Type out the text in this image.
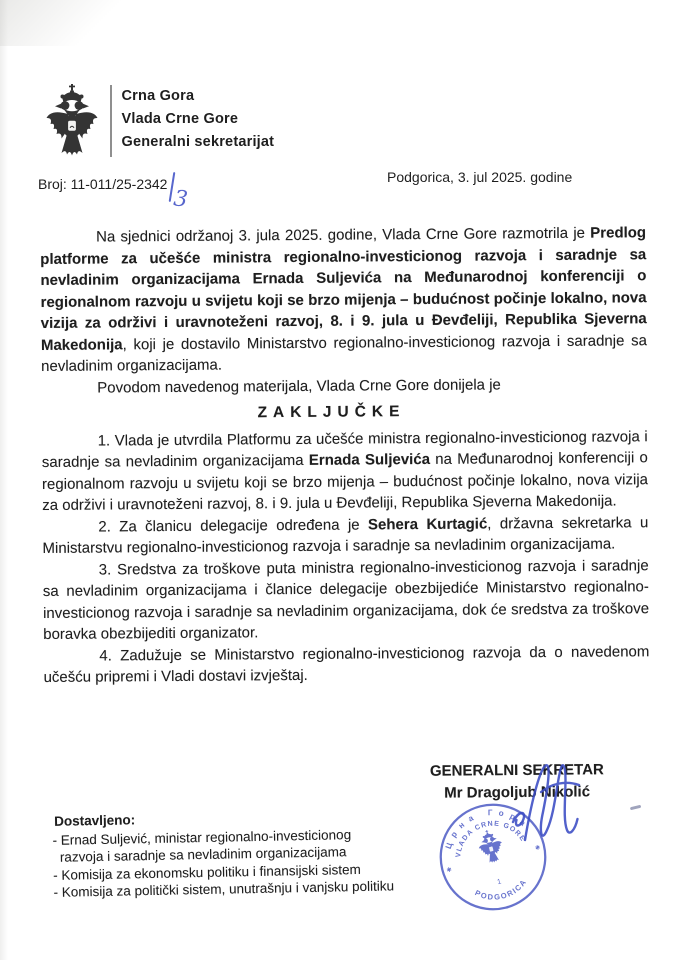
Crna Gora
Vlada Crne Gore
Generalni sekretarijat
Broj: 11-011/25-23423
Podgorica, 3. jul 2025. godine

Na sjednici održanoj 3. jula 2025. godine, Vlada Crne Gore razmotrila je Predlog platforme za učešće ministra regionalno-investicionog razvoja i saradnje sa nevladinim organizacijama Ernada Suljevića na Međunarodnoj konferenciji o regionalnom razvoju u svijetu koji se brzo mijenja – budućnost počinje lokalno, nova vizija za održivi i uravnoteženi razvoj, 8. i 9. jula u Đevđeliji, Republika Sjeverna Makedonija, koji je dostavilo Ministarstvo regionalno-investicionog razvoja i saradnje sa nevladinim organizacijama.

Povodom navedenog materijala, Vlada Crne Gore donijela je

ZAKLJUČKE

1. Vlada je utvrdila Platformu za učešće ministra regionalno-investicionog razvoja i saradnje sa nevladinim organizacijama Ernada Suljevića na Međunarodnoj konferenciji o regionalnom razvoju u svijetu koji se brzo mijenja – budućnost počinje lokalno, nova vizija za održivi i uravnoteženi razvoj, 8. i 9. jula u Đevđeliji, Republika Sjeverna Makedonija.

2. Za članicu delegacije određena je Sehera Kurtagić, državna sekretarka u Ministarstvu regionalno-investicionog razvoja i saradnje sa nevladinim organizacijama.

3. Sredstva za troškove puta ministra regionalno-investicionog razvoja i saradnje sa nevladinim organizacijama i članice delegacije obezbijediće Ministarstvo regionalno-investicionog razvoja i saradnje sa nevladinim organizacijama, dok će sredstva za troškove boravka obezbijediti organizator.

4. Zadužuje se Ministarstvo regionalno-investicionog razvoja da o navedenom učešću pripremi i Vladi dostavi izvještaj.

GENERALNI SEKRETAR
Mr Dragoljub Nikolić
Црна Гора
VLADA CRNE GORE
PODGORICA
✱
✱
1
Dostavljeno:
- Ernad Suljević, ministar regionalno-investicionog razvoja i saradnje sa nevladinim organizacijama
- Komisija za ekonomsku politiku i finansijski sistem
- Komisija za politički sistem, unutrašnju i vanjsku politiku
